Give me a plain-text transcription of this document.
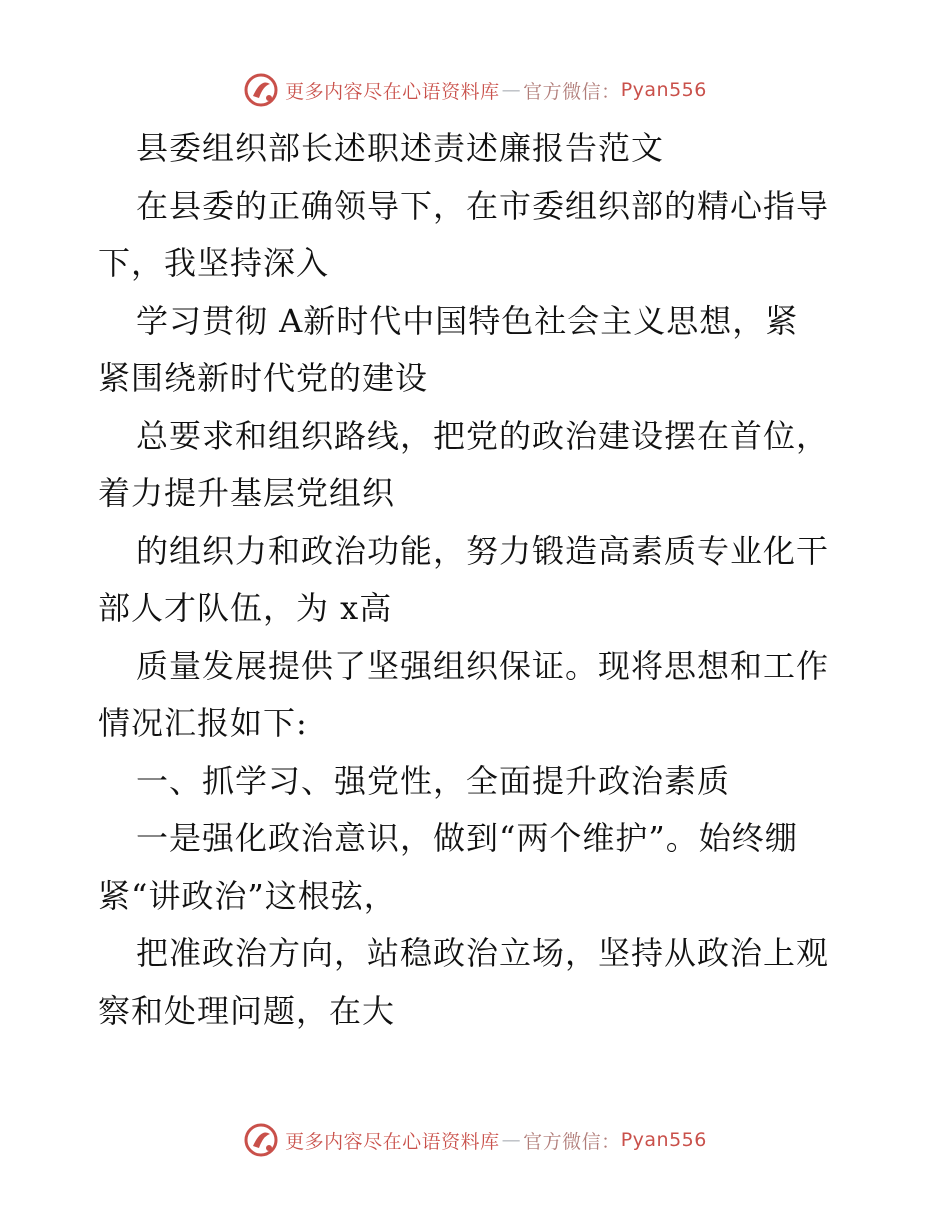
更多内容尽在心语资料库 — 官方微信： Pyan556
县委组织部长述职述责述廉报告范文
在县委的正确领导下，在市委组织部的精心指导
下，我坚持深入
学习贯彻 A新时代中国特色社会主义思想，紧
紧围绕新时代党的建设
总要求和组织路线，把党的政治建设摆在首位，
着力提升基层党组织
的组织力和政治功能，努力锻造高素质专业化干
部人才队伍，为 x高
质量发展提供了坚强组织保证。现将思想和工作
情况汇报如下:
一、抓学习、强党性，全面提升政治素质
一是强化政治意识，做到“两个维护”。始终绷
紧“讲政治”这根弦，
把准政治方向，站稳政治立场，坚持从政治上观
察和处理问题，在大
更多内容尽在心语资料库 — 官方微信： Pyan556
